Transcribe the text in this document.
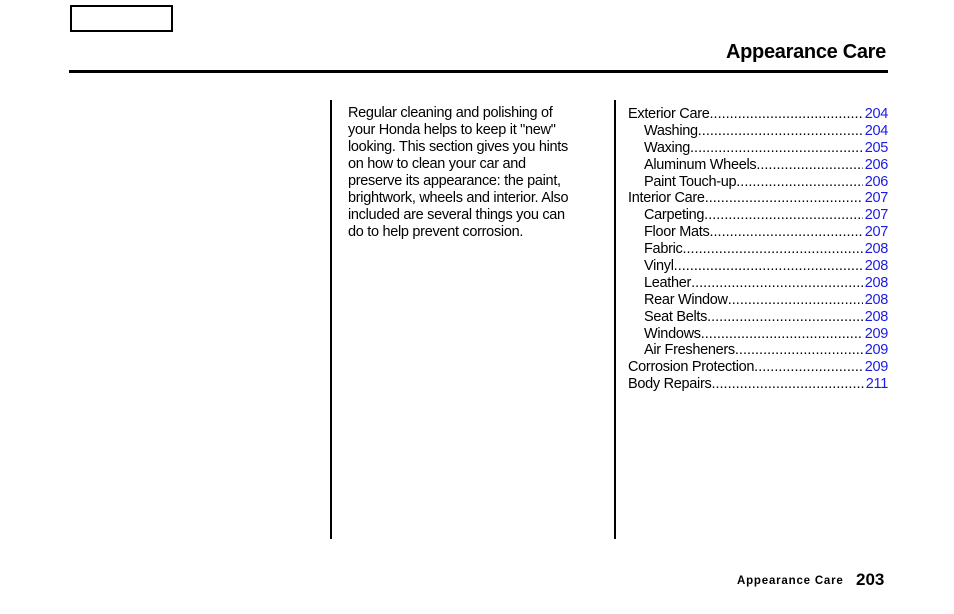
Appearance Care
Regular cleaning and polishing of
your Honda helps to keep it "new"
looking. This section gives you hints
on how to clean your car and
preserve its appearance: the paint,
brightwork, wheels and interior. Also
included are several things you can
do to help prevent corrosion.
Exterior Care .....	204
Washing .....	204
Waxing .....	205
Aluminum Wheels .....	206
Paint Touch-up .....	206
Interior Care .....	207
Carpeting .....	207
Floor Mats .....	207
Fabric .....	208
Vinyl .....	208
Leather .....	208
Rear Window .....	208
Seat Belts .....	208
Windows .....	209
Air Fresheners .....	209
Corrosion Protection .....	209
Body Repairs .....	211
Appearance Care 203
